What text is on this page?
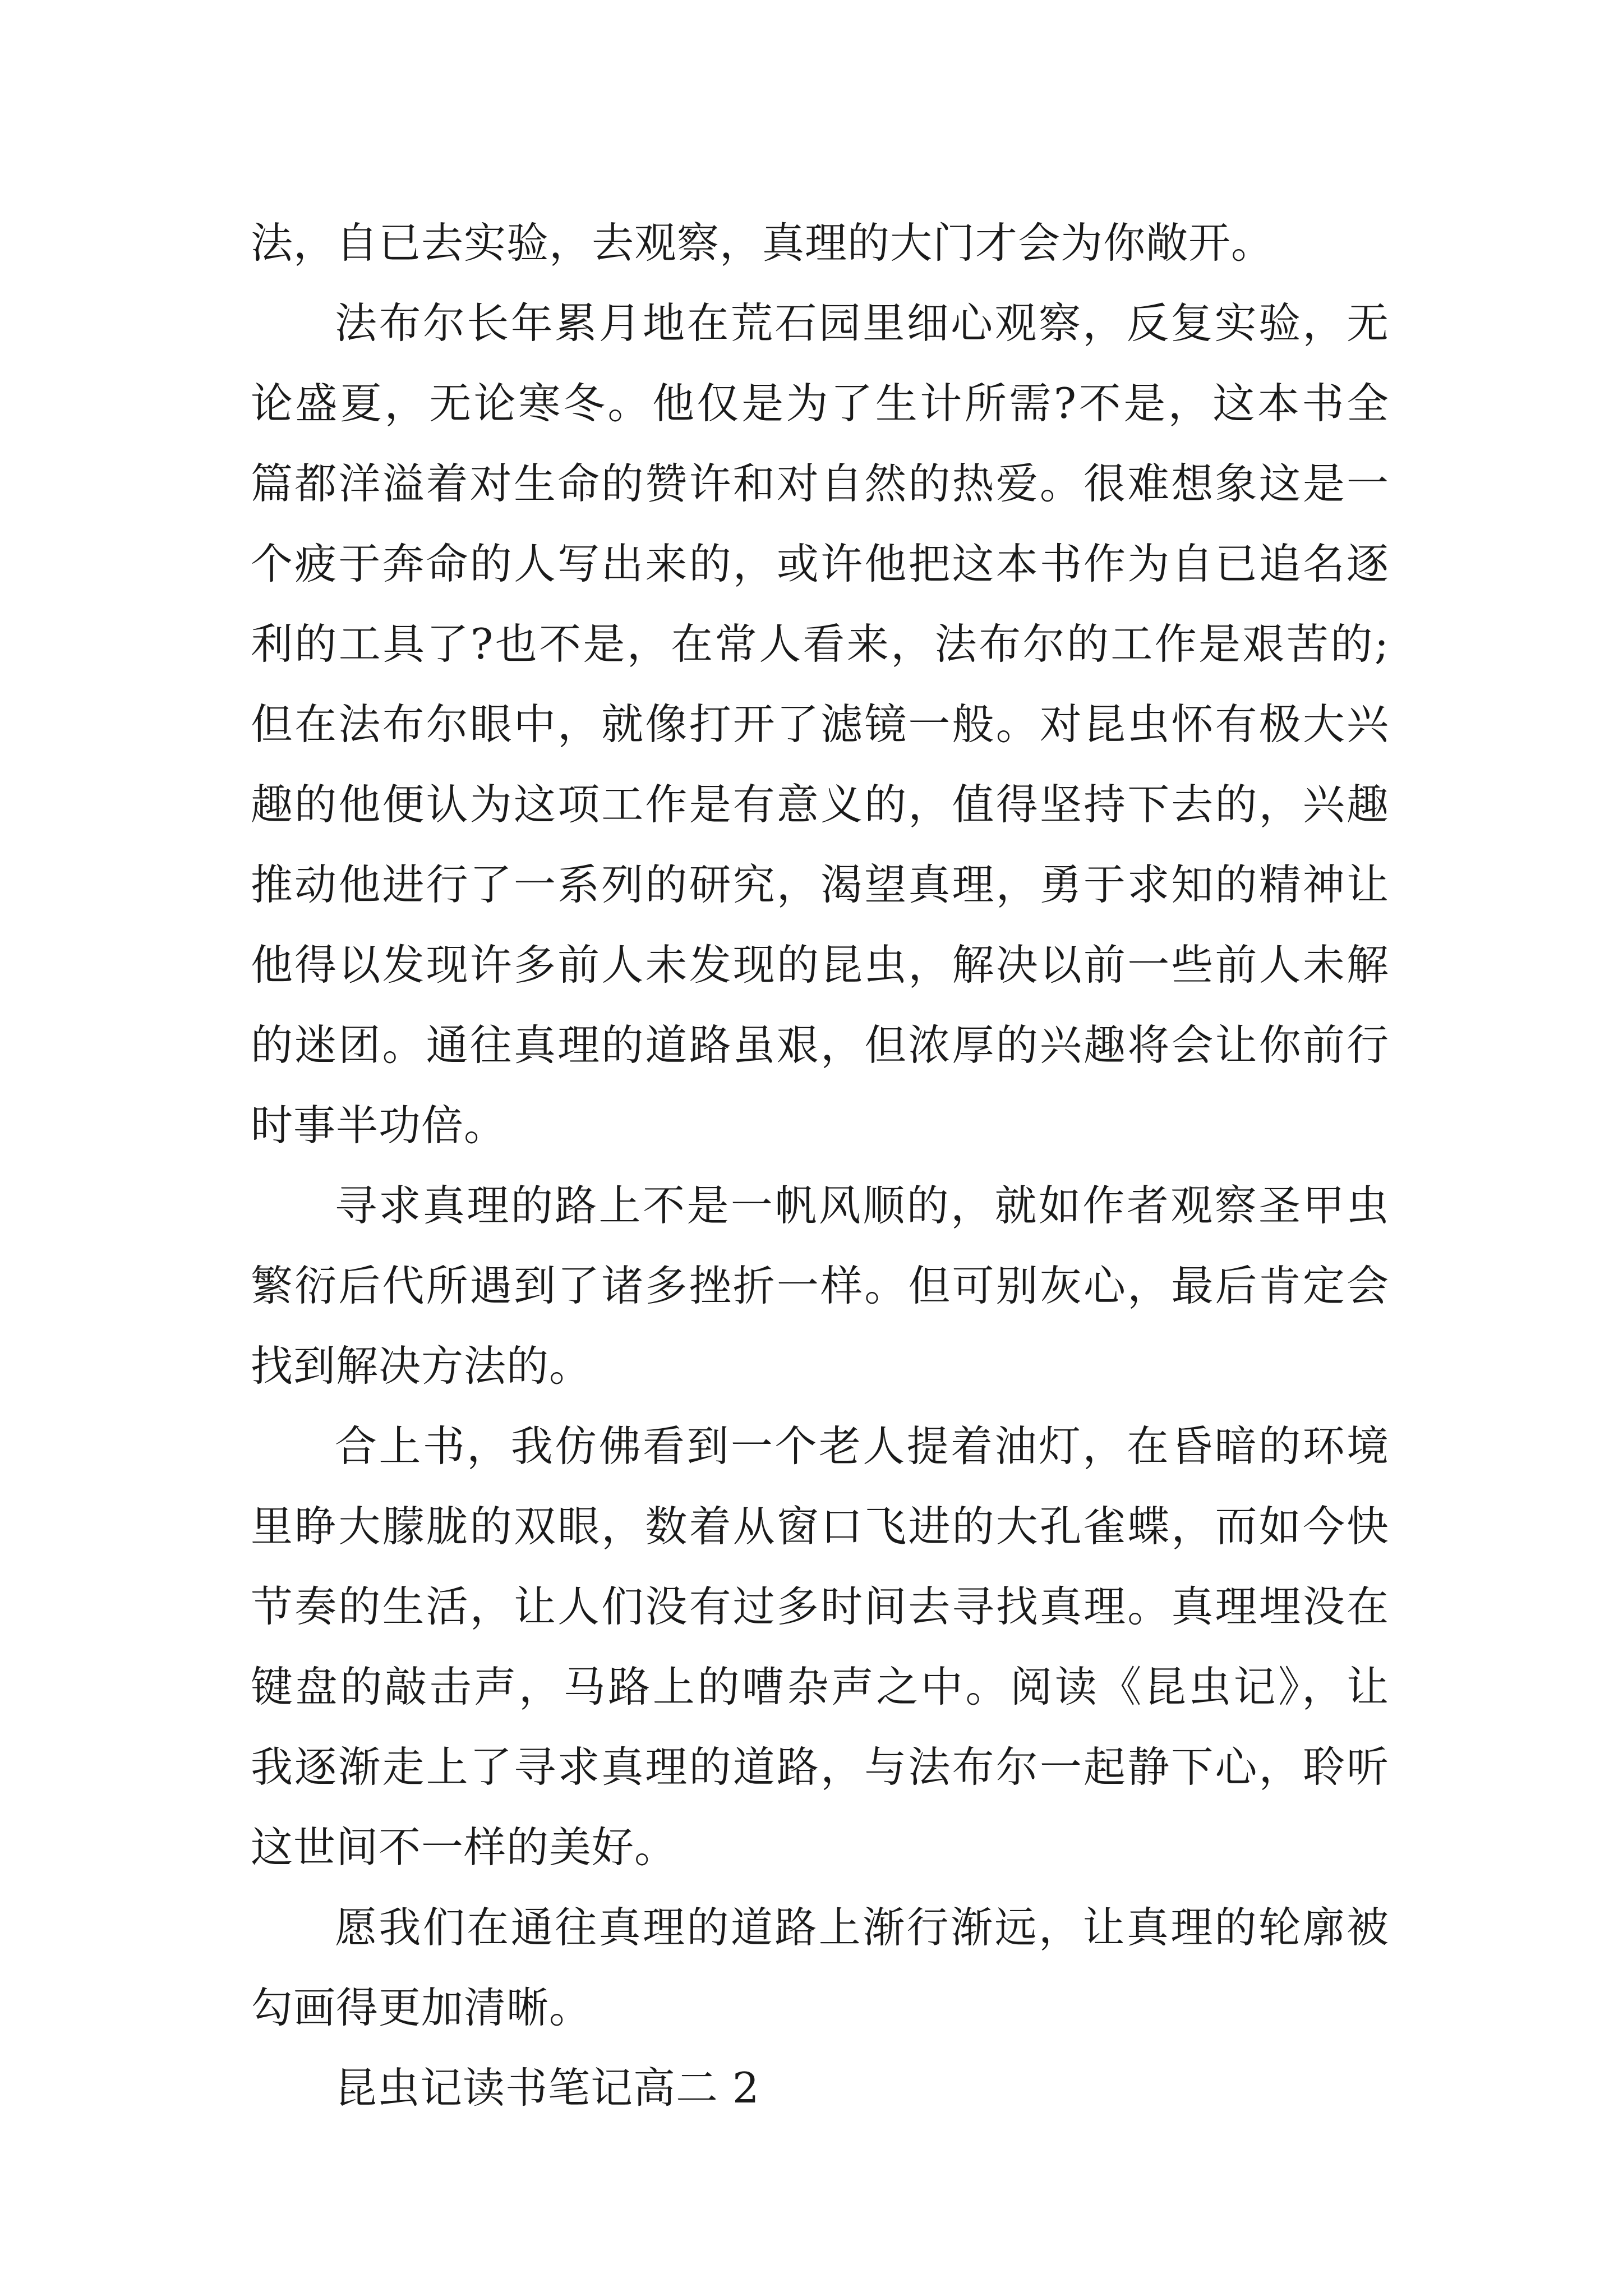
法，自已去实验，去观察，真理的大门才会为你敞开。
法布尔长年累月地在荒石园里细心观察，反复实验，无
论盛夏，无论寒冬。他仅是为了生计所需?不是，这本书全
篇都洋溢着对生命的赞许和对自然的热爱。很难想象这是一
个疲于奔命的人写出来的，或许他把这本书作为自已追名逐
利的工具了?也不是，在常人看来，法布尔的工作是艰苦的;
但在法布尔眼中，就像打开了滤镜一般。对昆虫怀有极大兴
趣的他便认为这项工作是有意义的，值得坚持下去的，兴趣
推动他进行了一系列的研究，渴望真理，勇于求知的精神让
他得以发现许多前人未发现的昆虫，解决以前一些前人未解
的迷团。通往真理的道路虽艰，但浓厚的兴趣将会让你前行
时事半功倍。
寻求真理的路上不是一帆风顺的，就如作者观察圣甲虫
繁衍后代所遇到了诸多挫折一样。但可别灰心，最后肯定会
找到解决方法的。
合上书，我仿佛看到一个老人提着油灯，在昏暗的环境
里睁大朦胧的双眼，数着从窗口飞进的大孔雀蝶，而如今快
节奏的生活，让人们没有过多时间去寻找真理。真理埋没在
键盘的敲击声，马路上的嘈杂声之中。阅读《昆虫记》，让
我逐渐走上了寻求真理的道路，与法布尔一起静下心，聆听
这世间不一样的美好。
愿我们在通往真理的道路上渐行渐远，让真理的轮廓被
勾画得更加清晰。
昆虫记读书笔记高二 2
